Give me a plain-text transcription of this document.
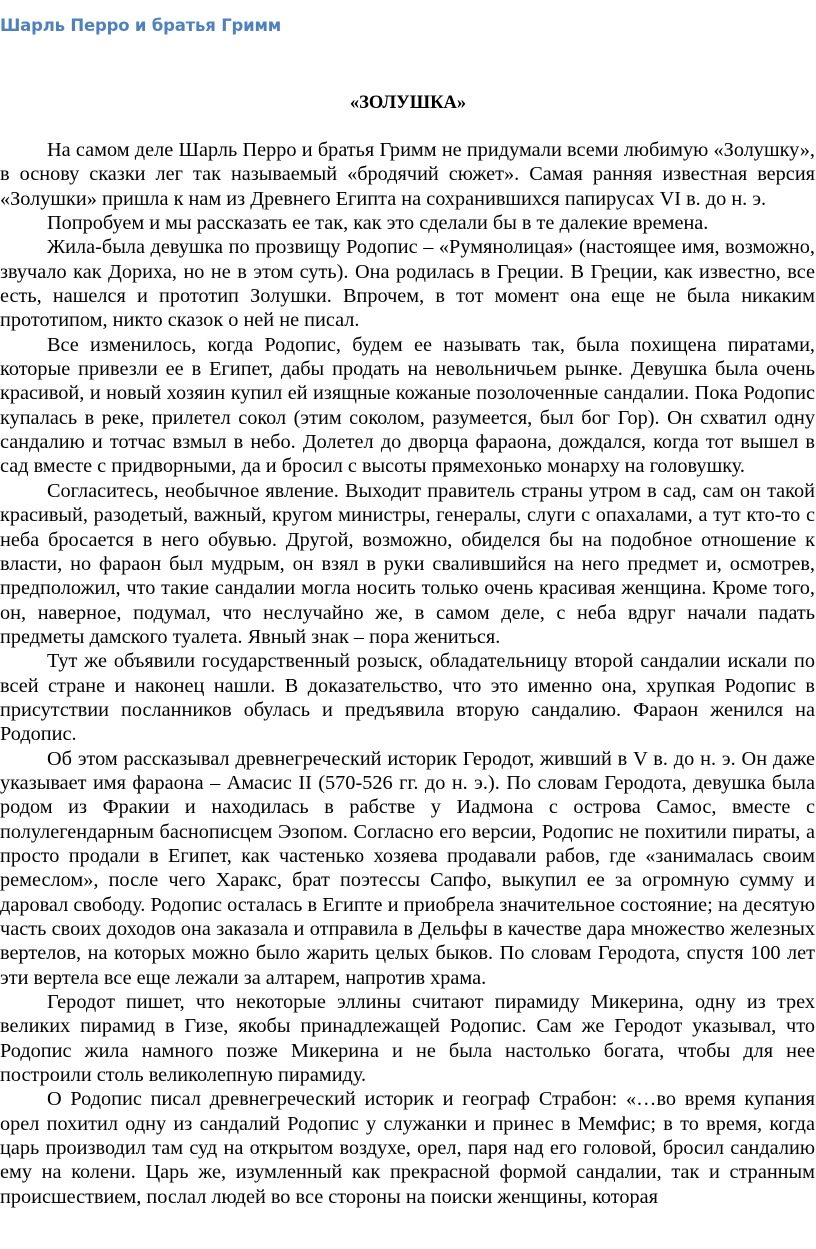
Шарль Перро и братья Гримм
«ЗОЛУШКА»

На самом деле Шарль Перро и братья Гримм не придумали всеми любимую «Золушку», в основу сказки лег так называемый «бродячий сюжет». Самая ранняя известная версия «Золушки» пришла к нам из Древнего Египта на сохранившихся папирусах VI в. до н. э.

Попробуем и мы рассказать ее так, как это сделали бы в те далекие времена.

Жила-была девушка по прозвищу Родопис – «Румянолицая» (настоящее имя, возможно, звучало как Дориха, но не в этом суть). Она родилась в Греции. В Греции, как известно, все есть, нашелся и прототип Золушки. Впрочем, в тот момент она еще не была никаким прототипом, никто сказок о ней не писал.

Все изменилось, когда Родопис, будем ее называть так, была похищена пиратами, которые привезли ее в Египет, дабы продать на невольничьем рынке. Девушка была очень красивой, и новый хозяин купил ей изящные кожаные позолоченные сандалии. Пока Родопис купалась в реке, прилетел сокол (этим соколом, разумеется, был бог Гор). Он схватил одну сандалию и тотчас взмыл в небо. Долетел до дворца фараона, дождался, когда тот вышел в сад вместе с придворными, да и бросил с высоты прямехонько монарху на головушку.

Согласитесь, необычное явление. Выходит правитель страны утром в сад, сам он такой красивый, разодетый, важный, кругом министры, генералы, слуги с опахалами, а тут кто-то с неба бросается в него обувью. Другой, возможно, обиделся бы на подобное отношение к власти, но фараон был мудрым, он взял в руки свалившийся на него предмет и, осмотрев, предположил, что такие сандалии могла носить только очень красивая женщина. Кроме того, он, наверное, подумал, что неслучайно же, в самом деле, с неба вдруг начали падать предметы дамского туалета. Явный знак – пора жениться.

Тут же объявили государственный розыск, обладательницу второй сандалии искали по всей стране и наконец нашли. В доказательство, что это именно она, хрупкая Родопис в присутствии посланников обулась и предъявила вторую сандалию. Фараон женился на Родопис.

Об этом рассказывал древнегреческий историк Геродот, живший в V в. до н. э. Он даже указывает имя фараона – Амасис II (570-526 гг. до н. э.). По словам Геродота, девушка была родом из Фракии и находилась в рабстве у Иадмона с острова Самос, вместе с полулегендарным баснописцем Эзопом. Согласно его версии, Родопис не похитили пираты, а просто продали в Египет, как частенько хозяева продавали рабов, где «занималась своим ремеслом», после чего Харакс, брат поэтессы Сапфо, выкупил ее за огромную сумму и даровал свободу. Родопис осталась в Египте и приобрела значительное состояние; на десятую часть своих доходов она заказала и отправила в Дельфы в качестве дара множество железных вертелов, на которых можно было жарить целых быков. По словам Геродота, спустя 100 лет эти вертела все еще лежали за алтарем, напротив храма.

Геродот пишет, что некоторые эллины считают пирамиду Микерина, одну из трех великих пирамид в Гизе, якобы принадлежащей Родопис. Сам же Геродот указывал, что Родопис жила намного позже Микерина и не была настолько богата, чтобы для нее построили столь великолепную пирамиду.

О Родопис писал древнегреческий историк и географ Страбон: «…во время купания орел похитил одну из сандалий Родопис у служанки и принес в Мемфис; в то время, когда царь производил там суд на открытом воздухе, орел, паря над его головой, бросил сандалию ему на колени. Царь же, изумленный как прекрасной формой сандалии, так и странным происшествием, послал людей во все стороны на поиски женщины, которая
